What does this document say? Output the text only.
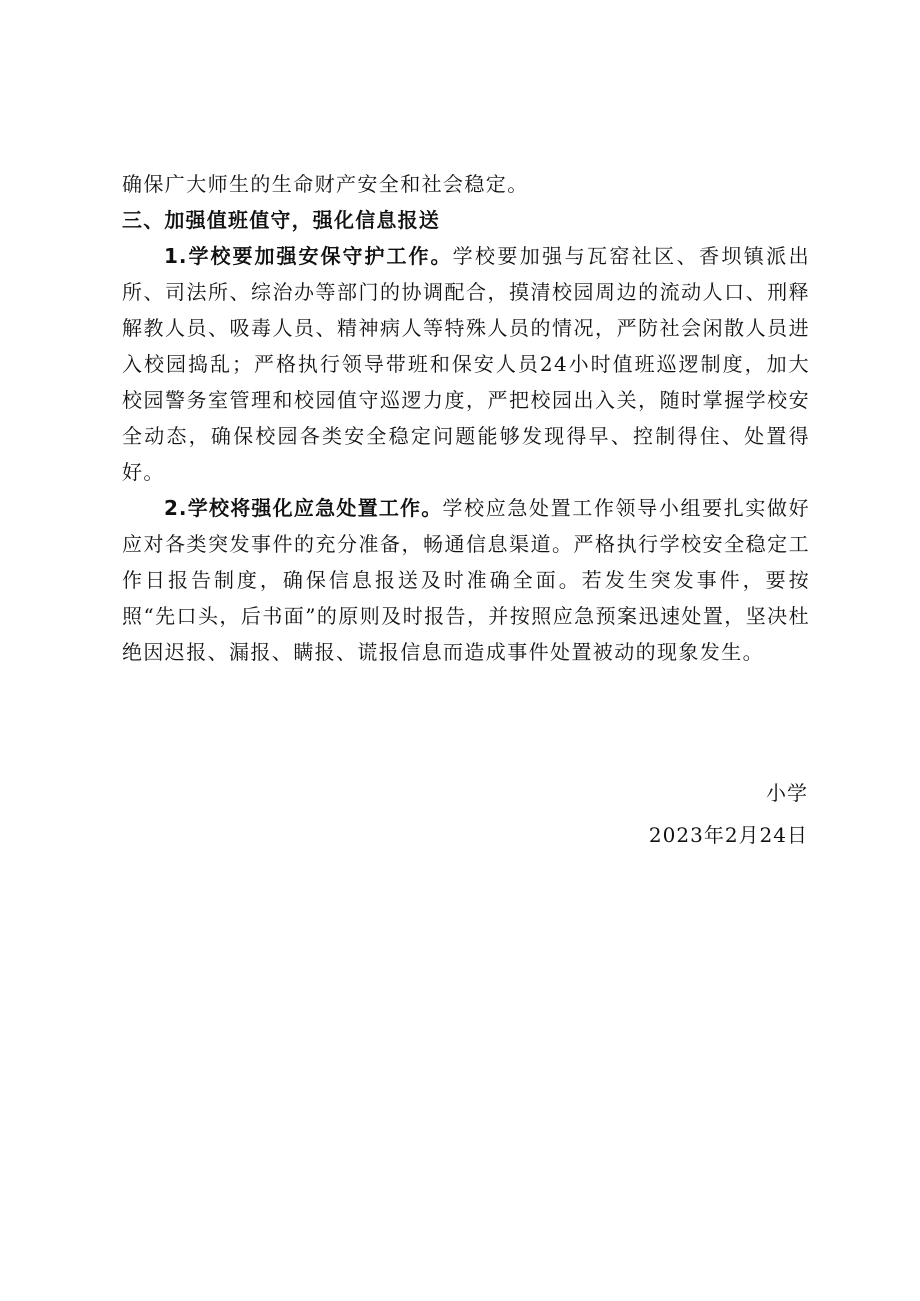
确保广大师生的生命财产安全和社会稳定。

三、加强值班值守，强化信息报送

1.学校要加强安保守护工作。学校要加强与瓦窑社区、香坝镇派出所、司法所、综治办等部门的协调配合，摸清校园周边的流动人口、刑释解教人员、吸毒人员、精神病人等特殊人员的情况，严防社会闲散人员进入校园捣乱；严格执行领导带班和保安人员24小时值班巡逻制度，加大校园警务室管理和校园值守巡逻力度，严把校园出入关，随时掌握学校安全动态，确保校园各类安全稳定问题能够发现得早、控制得住、处置得好。

2.学校将强化应急处置工作。学校应急处置工作领导小组要扎实做好应对各类突发事件的充分准备，畅通信息渠道。严格执行学校安全稳定工作日报告制度，确保信息报送及时准确全面。若发生突发事件，要按照“先口头，后书面”的原则及时报告，并按照应急预案迅速处置，坚决杜绝因迟报、漏报、瞒报、谎报信息而造成事件处置被动的现象发生。

小学
2023年2月24日
